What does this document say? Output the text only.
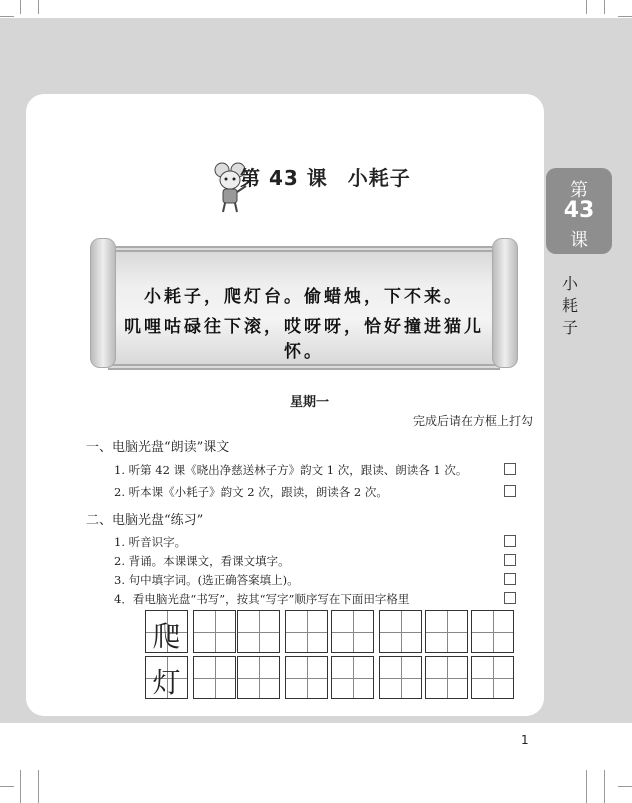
第
43
课
小
耗
子
第 43 课 小耗子
小耗子，爬灯台。偷蜡烛，下不来。
叽哩咕碌往下滚，哎呀呀，恰好撞进猫儿怀。
星期一
完成后请在方框上打勾
一、电脑光盘“朗读”课文
1. 听第 42 课《晓出净慈送林子方》韵文 1 次，跟读、朗读各 1 次。
2. 听本课《小耗子》韵文 2 次，跟读，朗读各 2 次。
二、电脑光盘“练习”
1. 听音识字。
2. 背诵。本课课文，看课文填字。
3. 句中填字词。(选正确答案填上)。
4．看电脑光盘“书写”，按其“写字”顺序写在下面田字格里
爬
灯
1
